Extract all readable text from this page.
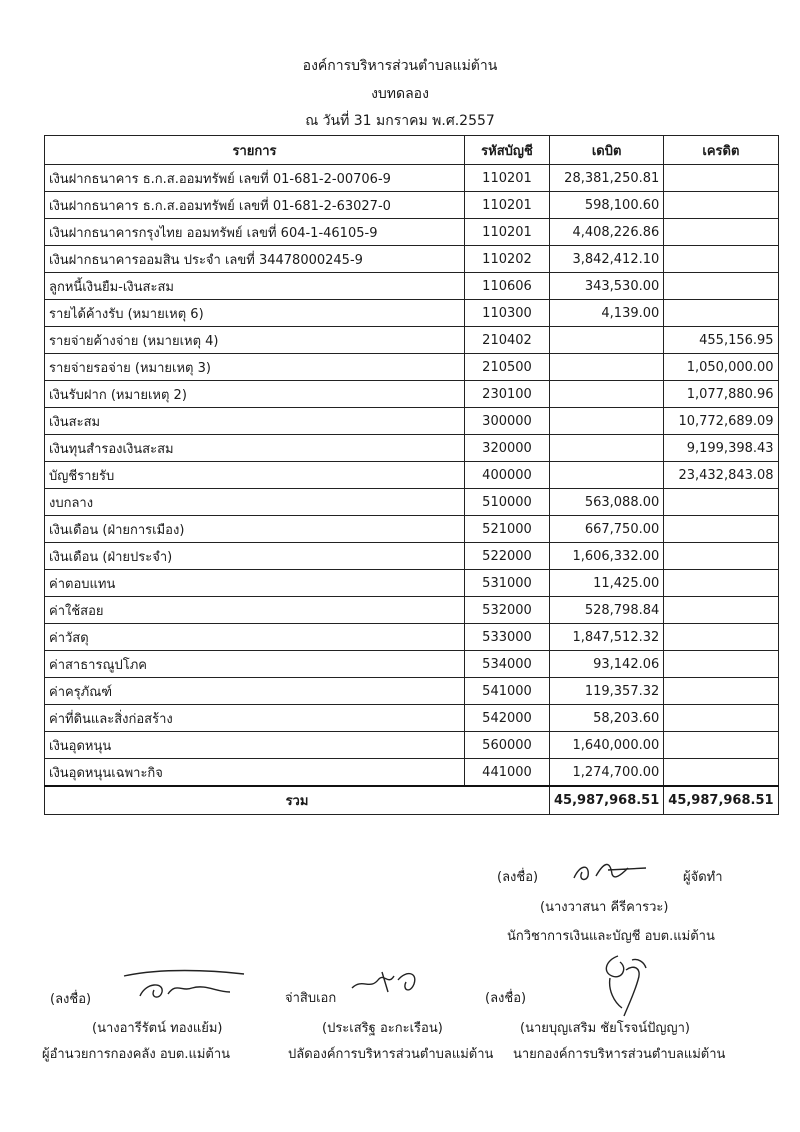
องค์การบริหารส่วนตำบลแม่ต้าน
งบทดลอง
ณ วันที่ 31 มกราคม พ.ศ.2557
รายการ	รหัสบัญชี	เดบิต	เครดิต
เงินฝากธนาคาร ธ.ก.ส.ออมทรัพย์ เลขที่ 01-681-2-00706-9	110201	28,381,250.81	
เงินฝากธนาคาร ธ.ก.ส.ออมทรัพย์ เลขที่ 01-681-2-63027-0	110201	598,100.60	
เงินฝากธนาคารกรุงไทย ออมทรัพย์ เลขที่ 604-1-46105-9	110201	4,408,226.86	
เงินฝากธนาคารออมสิน ประจำ เลขที่ 34478000245-9	110202	3,842,412.10	
ลูกหนี้เงินยืม-เงินสะสม	110606	343,530.00	
รายได้ค้างรับ (หมายเหตุ 6)	110300	4,139.00	
รายจ่ายค้างจ่าย (หมายเหตุ 4)	210402		455,156.95
รายจ่ายรอจ่าย (หมายเหตุ 3)	210500		1,050,000.00
เงินรับฝาก (หมายเหตุ 2)	230100		1,077,880.96
เงินสะสม	300000		10,772,689.09
เงินทุนสำรองเงินสะสม	320000		9,199,398.43
บัญชีรายรับ	400000		23,432,843.08
งบกลาง	510000	563,088.00	
เงินเดือน (ฝ่ายการเมือง)	521000	667,750.00	
เงินเดือน (ฝ่ายประจำ)	522000	1,606,332.00	
ค่าตอบแทน	531000	11,425.00	
ค่าใช้สอย	532000	528,798.84	
ค่าวัสดุ	533000	1,847,512.32	
ค่าสาธารณูปโภค	534000	93,142.06	
ค่าครุภัณฑ์	541000	119,357.32	
ค่าที่ดินและสิ่งก่อสร้าง	542000	58,203.60	
เงินอุดหนุน	560000	1,640,000.00	
เงินอุดหนุนเฉพาะกิจ	441000	1,274,700.00	
รวม		45,987,968.51	45,987,968.51
(ลงชื่อ)	ผู้จัดทำ
(นางวาสนา คีรีคารวะ)
นักวิชาการเงินและบัญชี อบต.แม่ต้าน
(ลงชื่อ)
(นางอารีรัตน์ ทองแย้ม)
ผู้อำนวยการกองคลัง อบต.แม่ต้าน
จ่าสิบเอก
(ประเสริฐ อะกะเรือน)
ปลัดองค์การบริหารส่วนตำบลแม่ต้าน
(ลงชื่อ)
(นายบุญเสริม ชัยโรจน์ปัญญา)
นายกองค์การบริหารส่วนตำบลแม่ต้าน
